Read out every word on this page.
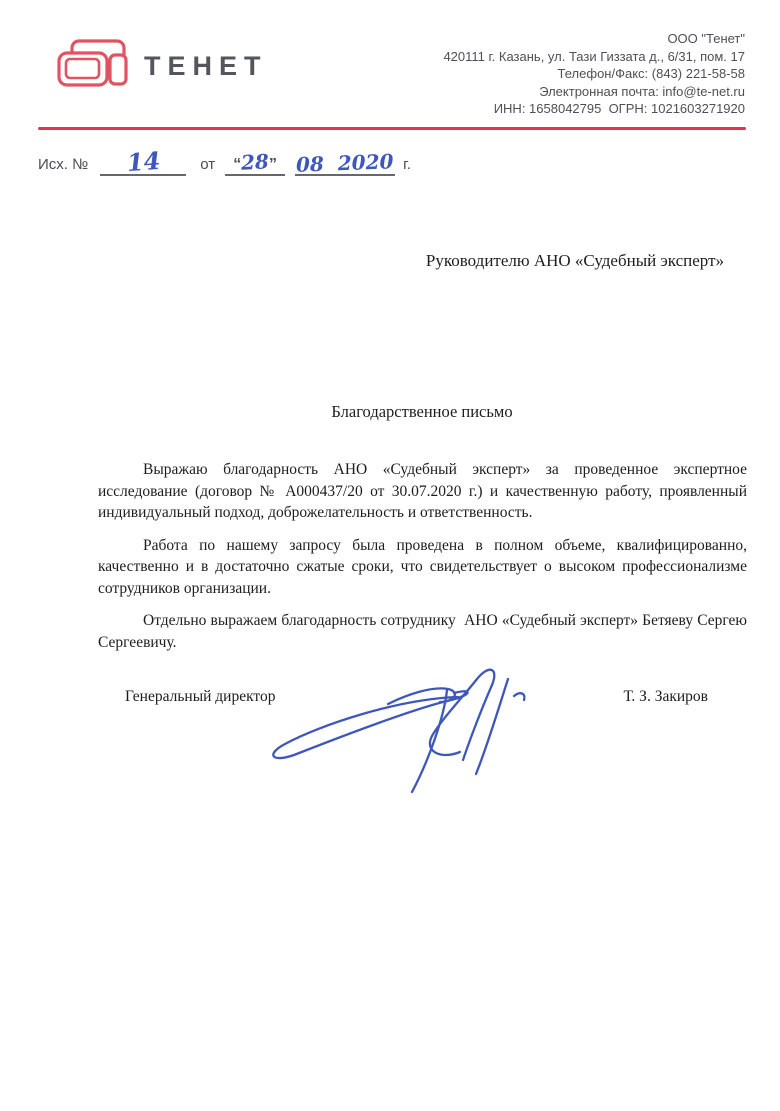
ТЕНЕТ
ООО "Тенет"
420111 г. Казань, ул. Тази Гиззата д., 6/31, пом. 17
Телефон/Факс: (843) 221-58-58
Электронная почта: info@te-net.ru
ИНН: 1658042795  ОГРН: 1021603271920
Исх. №	14	от	“28” 08  2020 г.
Руководителю АНО «Судебный эксперт»
Благодарственное письмо

Выражаю благодарность АНО «Судебный эксперт» за проведенное экспертное исследование (договор № А000437/20 от 30.07.2020 г.) и качественную работу, проявленный индивидуальный подход, доброжелательность и ответственность.

Работа по нашему запросу была проведена в полном объеме, квалифицированно, качественно и в достаточно сжатые сроки, что свидетельствует о высоком профессионализме сотрудников организации.

Отдельно выражаем благодарность сотруднику  АНО «Судебный эксперт» Бетяеву Сергею Сергеевичу.

Генеральный директор	Т. З. Закиров
